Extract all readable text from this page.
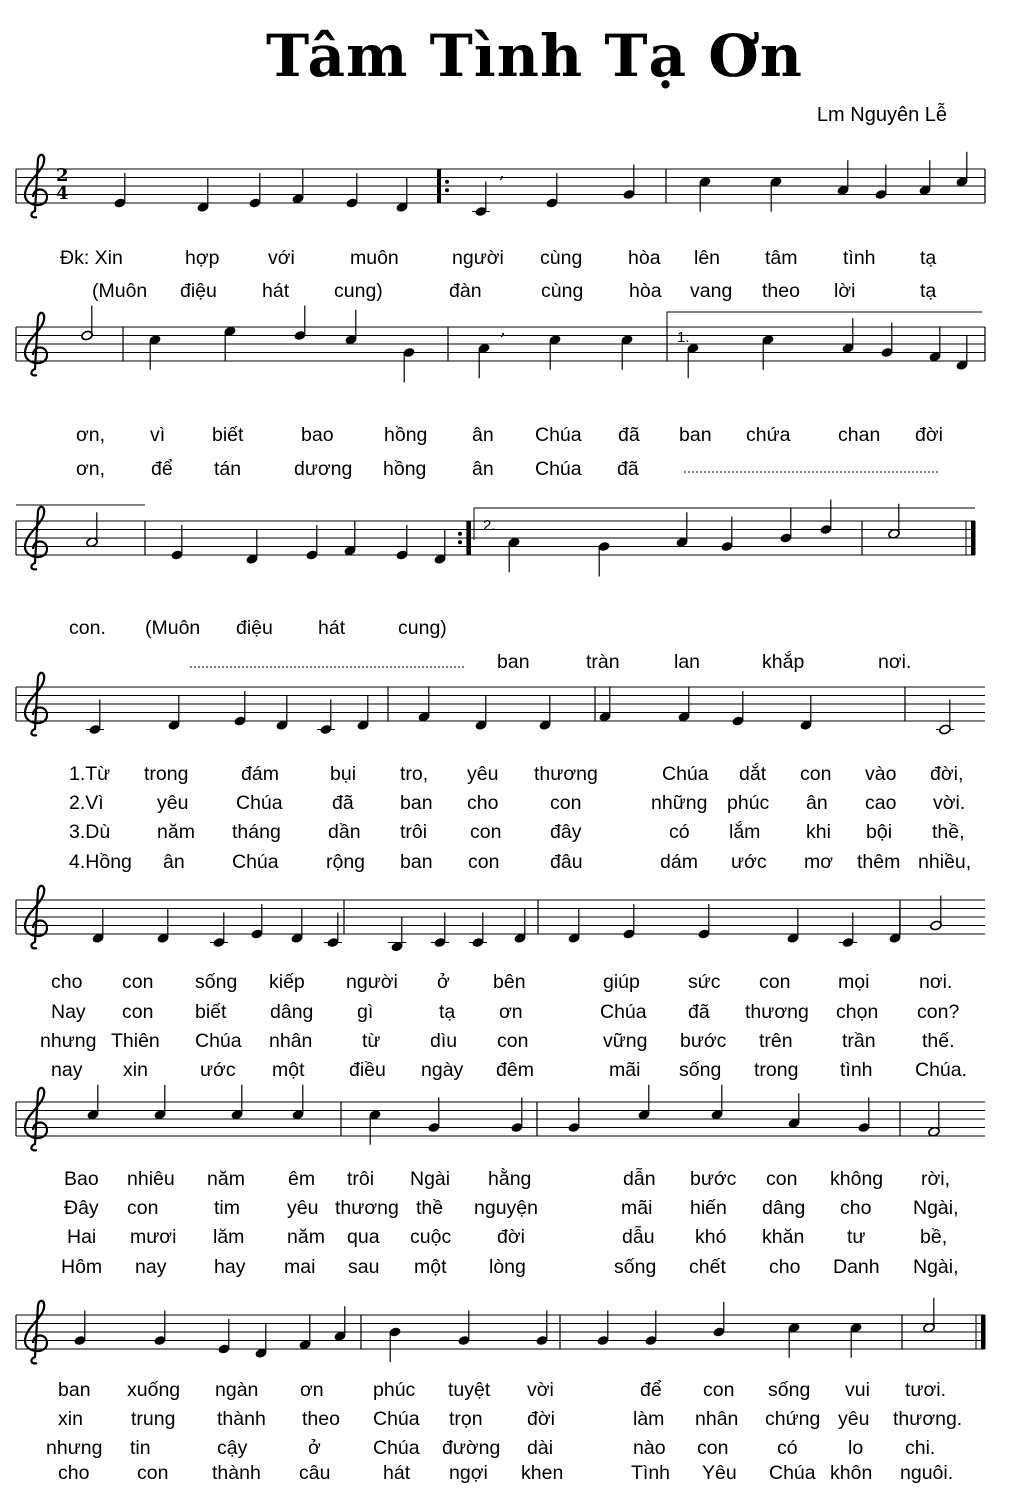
Tâm Tình Tạ Ơn
Lm Nguyên Lễ
,
,
Đk: Xin	hợp với	muôn	người cùng hòa lên tâm tình tạ
(Muôn điệu hát cung)	đàn	cùng hòa vang theo lời	tạ
ơn, vì biết	bao	hồng ân Chúa đã ban chứa chan đời
ơn, để tán	dương hồng ân Chúa đã
con. (Muôn điệu hát	cung)
ban	tràn	lan	khắp	nơi.
1.Từ trong	đám	bụi tro, yêu thương	Chúa dắt con vào đời,
2.Vì	yêu Chúa	đã ban cho	con	những phúc ân cao vời.
3.Dù năm tháng dần trôi con đây	có lắm khi bội thề,
4.Hồng ân Chúa rộng ban con	đâu	dám ước mơ thêm nhiều,
cho con sống kiếp người ở bên	giúp sức con mọi	nơi.
Nay con biết dâng gì	tạ ơn	Chúa đã thương chọn con?
nhưng Thiên Chúa nhân	từ	dìu con	vững bước trên	trần thế.
nay xin	ước một điều ngày đêm	mãi sống trong tình Chúa.
Bao nhiêu năm êm trôi Ngài hằng	dẫn bước con không rời,
Đây con	tim yêu thương thề nguyện	mãi hiến dâng cho Ngài,
Hai mươi lăm năm qua cuộc đời	dẫu khó khăn tư	bề,
Hôm nay hay mai sau một lòng	sống chết cho Danh Ngài,
ban xuống ngàn ơn	phúc tuyệt vời	để con sống vui tươi.
xin trung thành theo Chúa trọn đời	làm nhân chứng yêu thương.
nhưng tin	cậy	ở	Chúa đường dài	nào con có	lo chi.
cho con thành câu	hát ngợi khen	Tình Yêu Chúa khôn nguôi.
2
4
1.
2.
